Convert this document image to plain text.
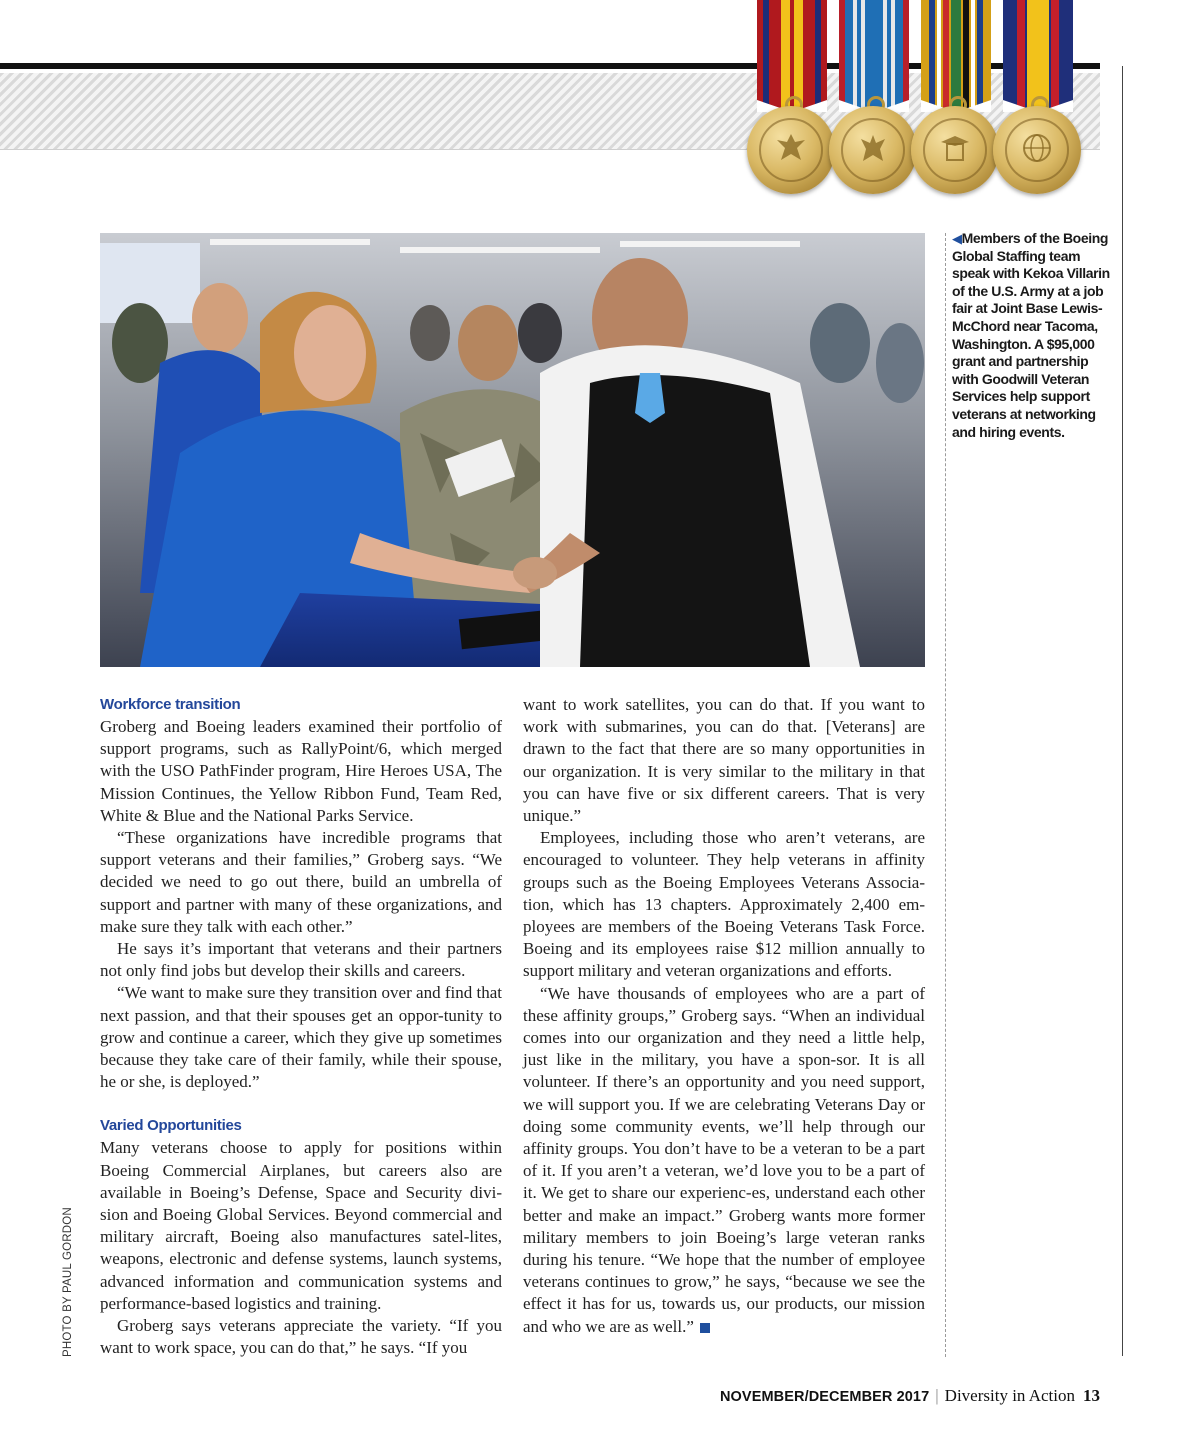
◀Members of the Boeing Global Staffing team speak with Kekoa Villarin of the U.S. Army at a job fair at Joint Base Lewis-McChord near Tacoma, Washington. A $95,000 grant and partnership with Goodwill Veteran Services help support veterans at networking and hiring events.
Workforce transition

Groberg and Boeing leaders examined their portfolio of support programs, such as RallyPoint/6, which merged with the USO PathFinder program, Hire Heroes USA, The Mission Continues, the Yellow Ribbon Fund, Team Red, White & Blue and the National Parks Service.

“These organizations have incredible programs that support veterans and their families,” Groberg says. “We decided we need to go out there, build an umbrella of support and partner with many of these organizations, and make sure they talk with each other.”

He says it’s important that veterans and their partners not only find jobs but develop their skills and careers.

“We want to make sure they transition over and find that next passion, and that their spouses get an oppor-tunity to grow and continue a career, which they give up sometimes because they take care of their family, while their spouse, he or she, is deployed.”

Varied Opportunities

Many veterans choose to apply for positions within Boeing Commercial Airplanes, but careers also are available in Boeing’s Defense, Space and Security divi-sion and Boeing Global Services. Beyond commercial and military aircraft, Boeing also manufactures satel-lites, weapons, electronic and defense systems, launch systems, advanced information and communication systems and performance-based logistics and training.

Groberg says veterans appreciate the variety. “If you want to work space, you can do that,” he says. “If you

want to work satellites, you can do that. If you want to work with submarines, you can do that. [Veterans] are drawn to the fact that there are so many opportunities in our organization. It is very similar to the military in that you can have five or six different careers. That is very unique.”

Employees, including those who aren’t veterans, are encouraged to volunteer. They help veterans in affinity groups such as the Boeing Employees Veterans Associa-tion, which has 13 chapters. Approximately 2,400 em-ployees are members of the Boeing Veterans Task Force. Boeing and its employees raise $12 million annually to support military and veteran organizations and efforts.

“We have thousands of employees who are a part of these affinity groups,” Groberg says. “When an individual comes into our organization and they need a little help, just like in the military, you have a spon-sor. It is all volunteer. If there’s an opportunity and you need support, we will support you. If we are celebrating Veterans Day or doing some community events, we’ll help through our affinity groups. You don’t have to be a veteran to be a part of it. If you aren’t a veteran, we’d love you to be a part of it. We get to share our experienc-es, understand each other better and make an impact.” Groberg wants more former military members to join Boeing’s large veteran ranks during his tenure. “We hope that the number of employee veterans continues to grow,” he says, “because we see the effect it has for us, towards us, our products, our mission and who we are as well.”

PHOTO BY PAUL GORDON
NOVEMBER/DECEMBER 2017 | Diversity in Action 13
